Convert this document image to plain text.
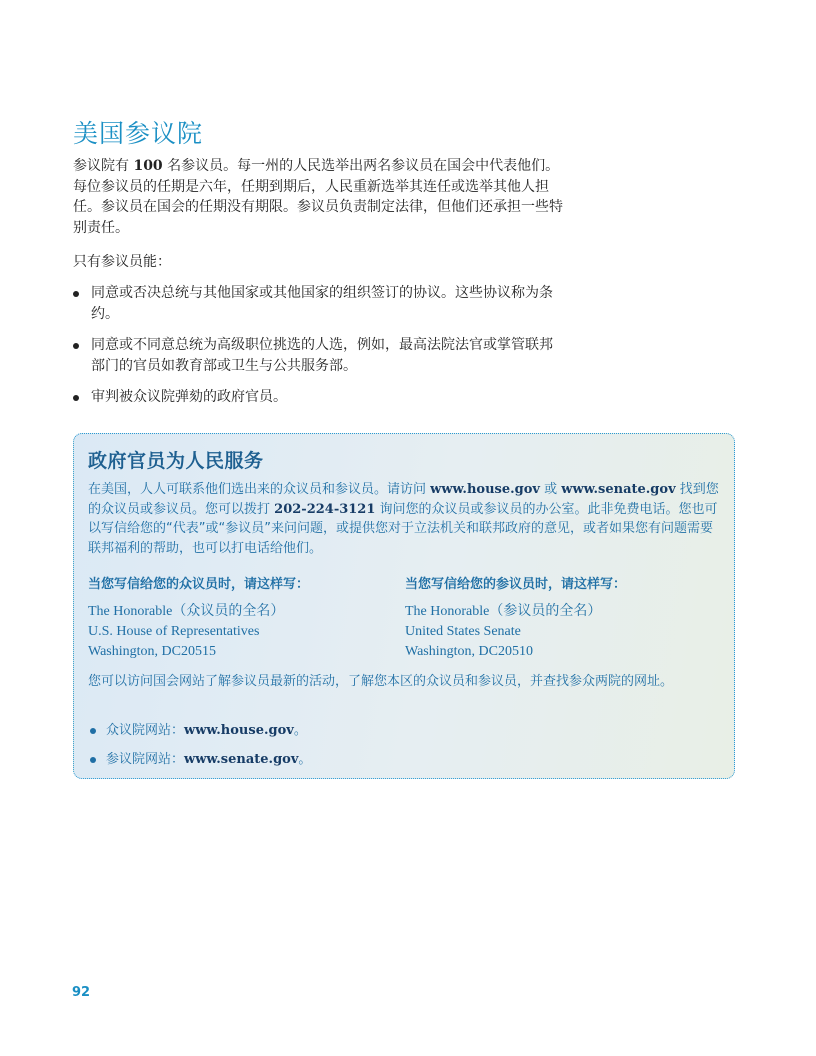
美国参议院

参议院有 100 名参议员。每一州的人民选举出两名参议员在国会中代表他们。每位参议员的任期是六年，任期到期后，人民重新选举其连任或选举其他人担任。参议员在国会的任期没有期限。参议员负责制定法律，但他们还承担一些特别责任。

只有参议员能：

同意或否决总统与其他国家或其他国家的组织签订的协议。这些协议称为条约。
同意或不同意总统为高级职位挑选的人选，例如，最高法院法官或掌管联邦部门的官员如教育部或卫生与公共服务部。
审判被众议院弹劾的政府官员。
政府官员为人民服务

在美国，人人可联系他们选出来的众议员和参议员。请访问 www.house.gov 或 www.senate.gov 找到您的众议员或参议员。您可以拨打 202-224-3121 询问您的众议员或参议员的办公室。此非免费电话。您也可以写信给您的“代表”或“参议员”来问问题，或提供您对于立法机关和联邦政府的意见，或者如果您有问题需要联邦福利的帮助，也可以打电话给他们。

当您写信给您的众议员时，请这样写：	当您写信给您的参议员时，请这样写：

The Honorable（众议员的全名）
U.S. House of Representatives
Washington, DC20515
The Honorable（参议员的全名）
United States Senate
Washington, DC20510

您可以访问国会网站了解参议员最新的活动，了解您本区的众议员和参议员，并查找参众两院的网址。

众议院网站：www.house.gov。
参议院网站：www.senate.gov。
92
